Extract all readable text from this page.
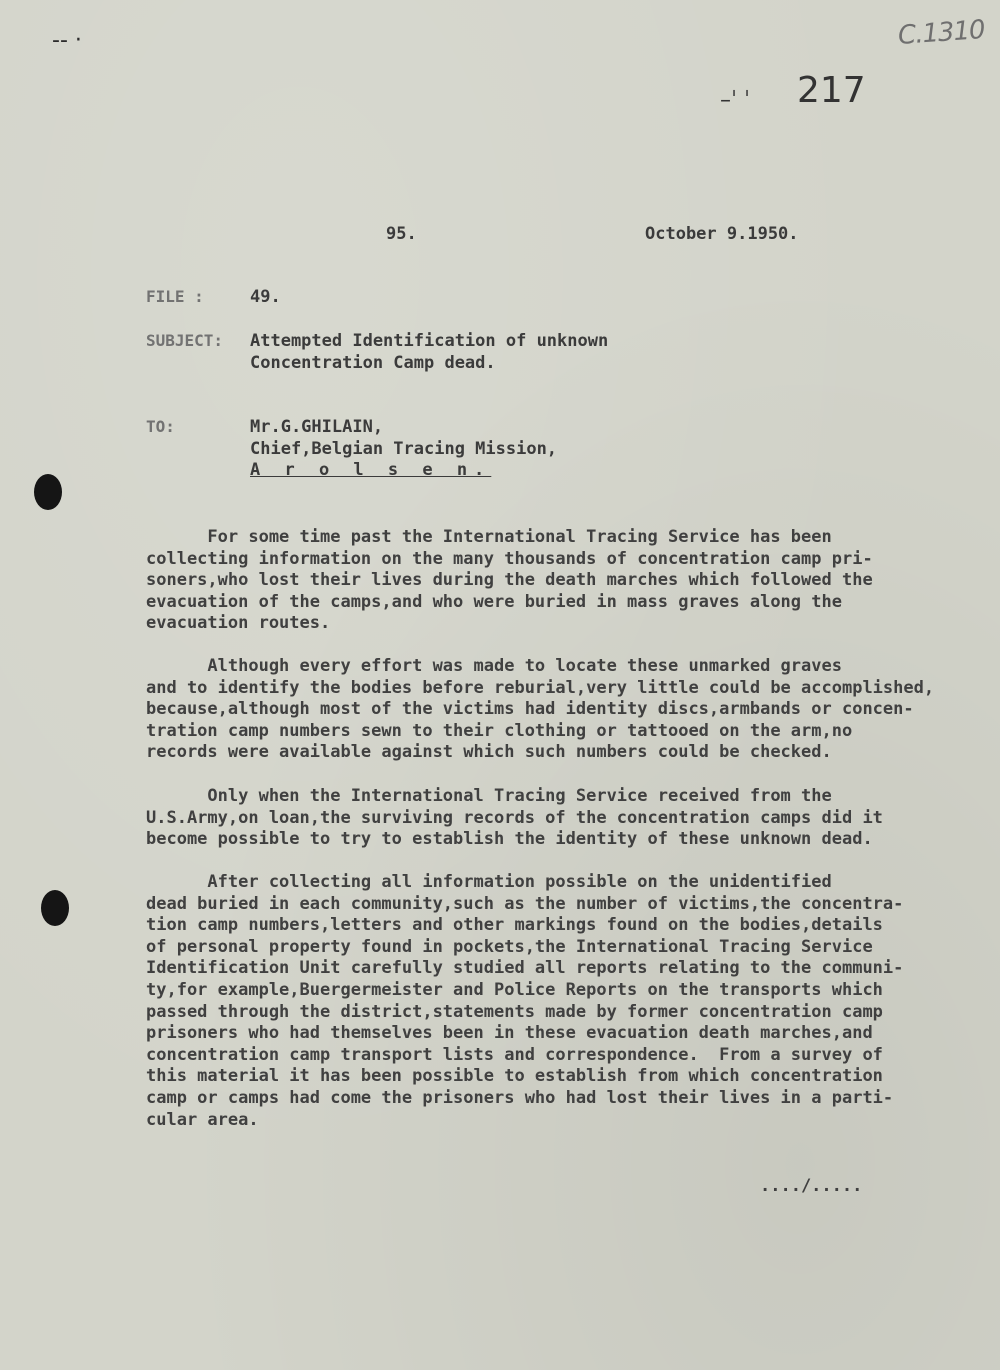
-- ·	C.1310
–ˈ ˈ 217
95.	October 9.1950.
FILE :	49.
SUBJECT: Attempted Identification of unknown
Concentration Camp dead.
TO:	Mr.G.GHILAIN,
Chief,Belgian Tracing Mission,
A r o l s e n.
For some time past the International Tracing Service has been
collecting information on the many thousands of concentration camp pri-
soners,who lost their lives during the death marches which followed the
evacuation of the camps,and who were buried in mass graves along the
evacuation routes.
Although every effort was made to locate these unmarked graves
and to identify the bodies before reburial,very little could be accomplished,
because,although most of the victims had identity discs,armbands or concen-
tration camp numbers sewn to their clothing or tattooed on the arm,no
records were available against which such numbers could be checked.
Only when the International Tracing Service received from the
U.S.Army,on loan,the surviving records of the concentration camps did it
become possible to try to establish the identity of these unknown dead.
After collecting all information possible on the unidentified
dead buried in each community,such as the number of victims,the concentra-
tion camp numbers,letters and other markings found on the bodies,details
of personal property found in pockets,the International Tracing Service
Identification Unit carefully studied all reports relating to the communi-
ty,for example,Buergermeister and Police Reports on the transports which
passed through the district,statements made by former concentration camp
prisoners who had themselves been in these evacuation death marches,and
concentration camp transport lists and correspondence.  From a survey of
this material it has been possible to establish from which concentration
camp or camps had come the prisoners who had lost their lives in a parti-
cular area.
..../.....
